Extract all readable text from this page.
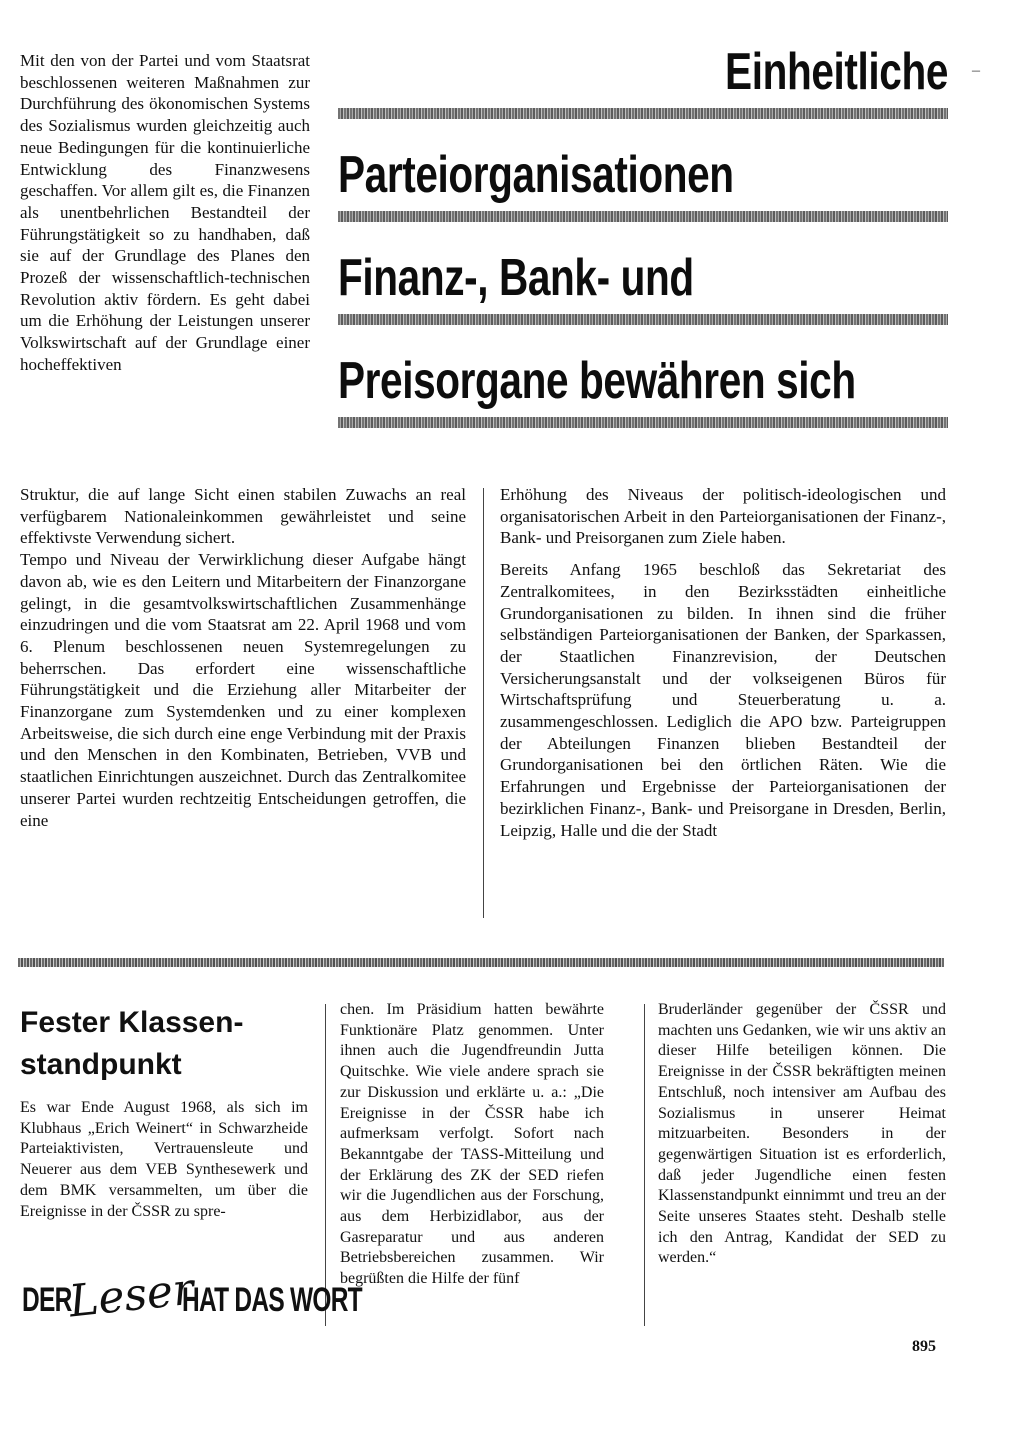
–
Mit den von der Partei und vom Staatsrat beschlossenen weiteren Maßnahmen zur Durchführung des ökonomischen Systems des Sozialismus wurden gleichzeitig auch neue Bedingungen für die kontinuierliche Entwicklung des Finanzwesens geschaffen. Vor allem gilt es, die Finanzen als unentbehrlichen Bestandteil der Führungstätigkeit so zu handhaben, daß sie auf der Grundlage des Planes den Prozeß der wissenschaftlich-technischen Revolution aktiv fördern. Es geht dabei um die Erhöhung der Leistungen unserer Volkswirtschaft auf der Grundlage einer hocheffektiven
Einheitliche
Parteiorganisationen
Finanz-, Bank- und
Preisorgane bewähren sich

Struktur, die auf lange Sicht einen stabilen Zuwachs an real verfügbarem Nationaleinkommen gewährleistet und seine effektivste Verwendung sichert.

Tempo und Niveau der Verwirklichung dieser Aufgabe hängt davon ab, wie es den Leitern und Mitarbeitern der Finanzorgane gelingt, in die gesamtvolkswirtschaftlichen Zusammenhänge einzudringen und die vom Staatsrat am 22. April 1968 und vom 6. Plenum beschlossenen neuen Systemregelungen zu beherrschen. Das erfordert eine wissenschaftliche Führungstätigkeit und die Erziehung aller Mitarbeiter der Finanzorgane zum Systemdenken und zu einer komplexen Arbeitsweise, die sich durch eine enge Verbindung mit der Praxis und den Menschen in den Kombinaten, Betrieben, VVB und staatlichen Einrichtungen auszeichnet. Durch das Zentralkomitee unserer Partei wurden rechtzeitig Entscheidungen getroffen, die eine

Erhöhung des Niveaus der politisch-ideologischen und organisatorischen Arbeit in den Parteiorganisationen der Finanz-, Bank- und Preisorganen zum Ziele haben.

Bereits Anfang 1965 beschloß das Sekretariat des Zentralkomitees, in den Bezirksstädten einheitliche Grundorganisationen zu bilden. In ihnen sind die früher selbständigen Parteiorganisationen der Banken, der Sparkassen, der Staatlichen Finanzrevision, der Deutschen Versicherungsanstalt und der volkseigenen Büros für Wirtschaftsprüfung und Steuerberatung u. a. zusammengeschlossen. Lediglich die APO bzw. Parteigruppen der Abteilungen Finanzen blieben Bestandteil der Grundorganisationen bei den örtlichen Räten. Wie die Erfahrungen und Ergebnisse der Parteiorganisationen der bezirklichen Finanz-, Bank- und Preisorgane in Dresden, Berlin, Leipzig, Halle und die der Stadt

Fester Klassenstandpunkt
Es war Ende August 1968, als sich im Klubhaus „Erich Weinert“ in Schwarzheide Parteiaktivisten, Vertrauensleute und Neuerer aus dem VEB Synthesewerk und dem BMK versammelten, um über die Ereignisse in der ČSSR zu spre-
chen. Im Präsidium hatten bewährte Funktionäre Platz genommen. Unter ihnen auch die Jugendfreundin Jutta Quitschke. Wie viele andere sprach sie zur Diskussion und erklärte u. a.: „Die Ereignisse in der ČSSR habe ich aufmerksam verfolgt. Sofort nach Bekanntgabe der TASS-Mitteilung und der Erklärung des ZK der SED riefen wir die Jugendlichen aus der Forschung, aus dem Herbizidlabor, aus der Gasreparatur und aus anderen Betriebsbereichen zusammen. Wir begrüßten die Hilfe der fünf
Bruderländer gegenüber der ČSSR und machten uns Gedanken, wie wir uns aktiv an dieser Hilfe beteiligen können. Die Ereignisse in der ČSSR bekräftigten meinen Entschluß, noch intensiver am Aufbau des Sozialismus in unserer Heimat mitzuarbeiten. Besonders in der gegenwärtigen Situation ist es erforderlich, daß jeder Jugendliche einen festen Klassenstandpunkt einnimmt und treu an der Seite unseres Staates steht. Deshalb stelle ich den Antrag, Kandidat der SED zu werden.“
DER
Leser
HAT DAS WORT
895
